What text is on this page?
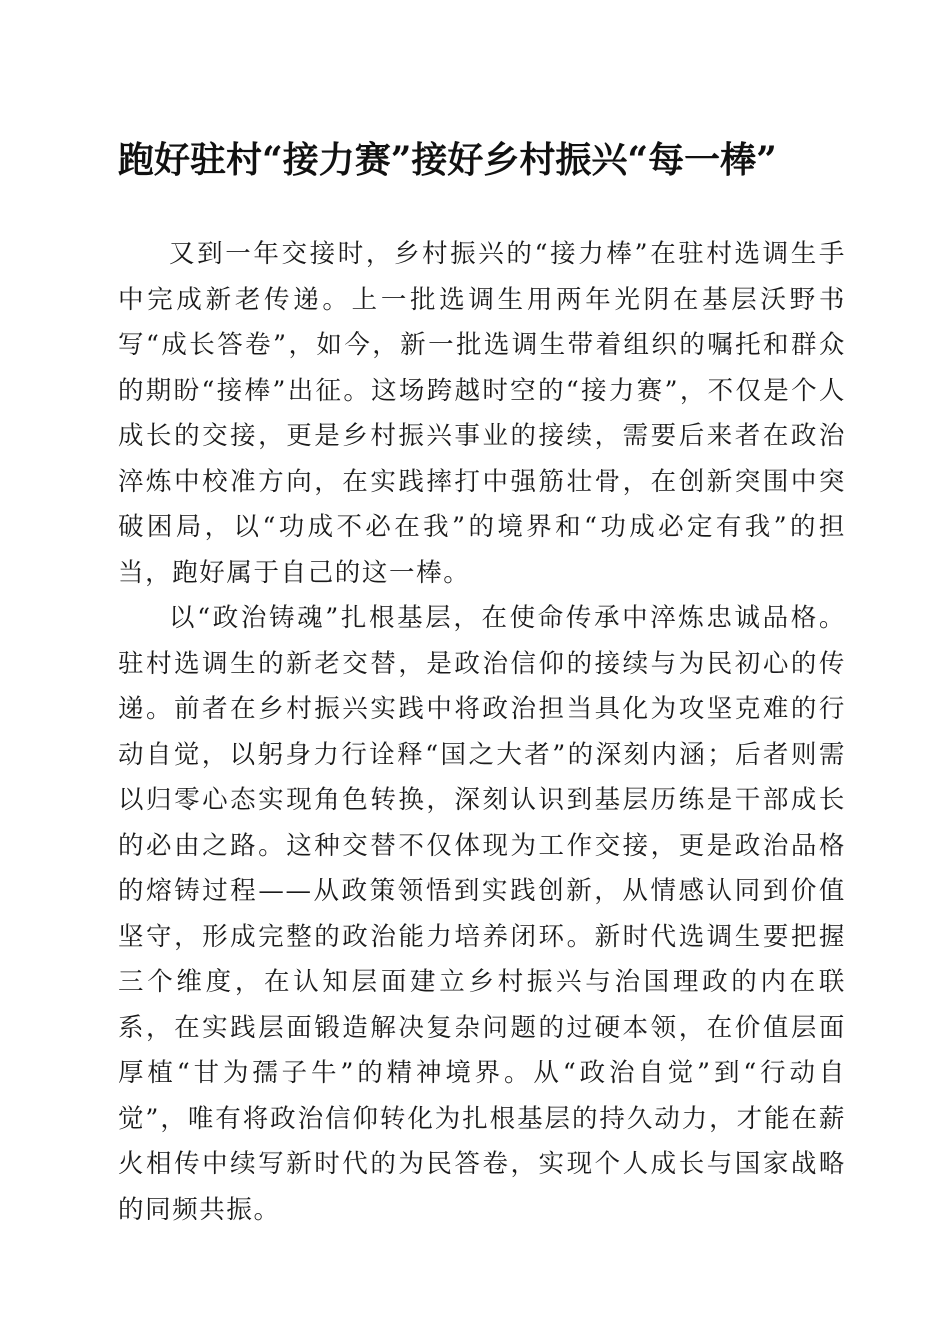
跑好驻村“接力赛”接好乡村振兴“每一棒”

又到一年交接时，乡村振兴的“接力棒”在驻村选调生手中完成新老传递。上一批选调生用两年光阴在基层沃野书写“成长答卷”，如今，新一批选调生带着组织的嘱托和群众的期盼“接棒”出征。这场跨越时空的“接力赛”，不仅是个人成长的交接，更是乡村振兴事业的接续，需要后来者在政治淬炼中校准方向，在实践摔打中强筋壮骨，在创新突围中突破困局，以“功成不必在我”的境界和“功成必定有我”的担当，跑好属于自己的这一棒。

以“政治铸魂”扎根基层，在使命传承中淬炼忠诚品格。驻村选调生的新老交替，是政治信仰的接续与为民初心的传递。前者在乡村振兴实践中将政治担当具化为攻坚克难的行动自觉，以躬身力行诠释“国之大者”的深刻内涵；后者则需以归零心态实现角色转换，深刻认识到基层历练是干部成长的必由之路。这种交替不仅体现为工作交接，更是政治品格的熔铸过程——从政策领悟到实践创新，从情感认同到价值坚守，形成完整的政治能力培养闭环。新时代选调生要把握三个维度，在认知层面建立乡村振兴与治国理政的内在联系，在实践层面锻造解决复杂问题的过硬本领，在价值层面厚植“甘为孺子牛”的精神境界。从“政治自觉”到“行动自觉”，唯有将政治信仰转化为扎根基层的持久动力，才能在薪火相传中续写新时代的为民答卷，实现个人成长与国家战略的同频共振。
